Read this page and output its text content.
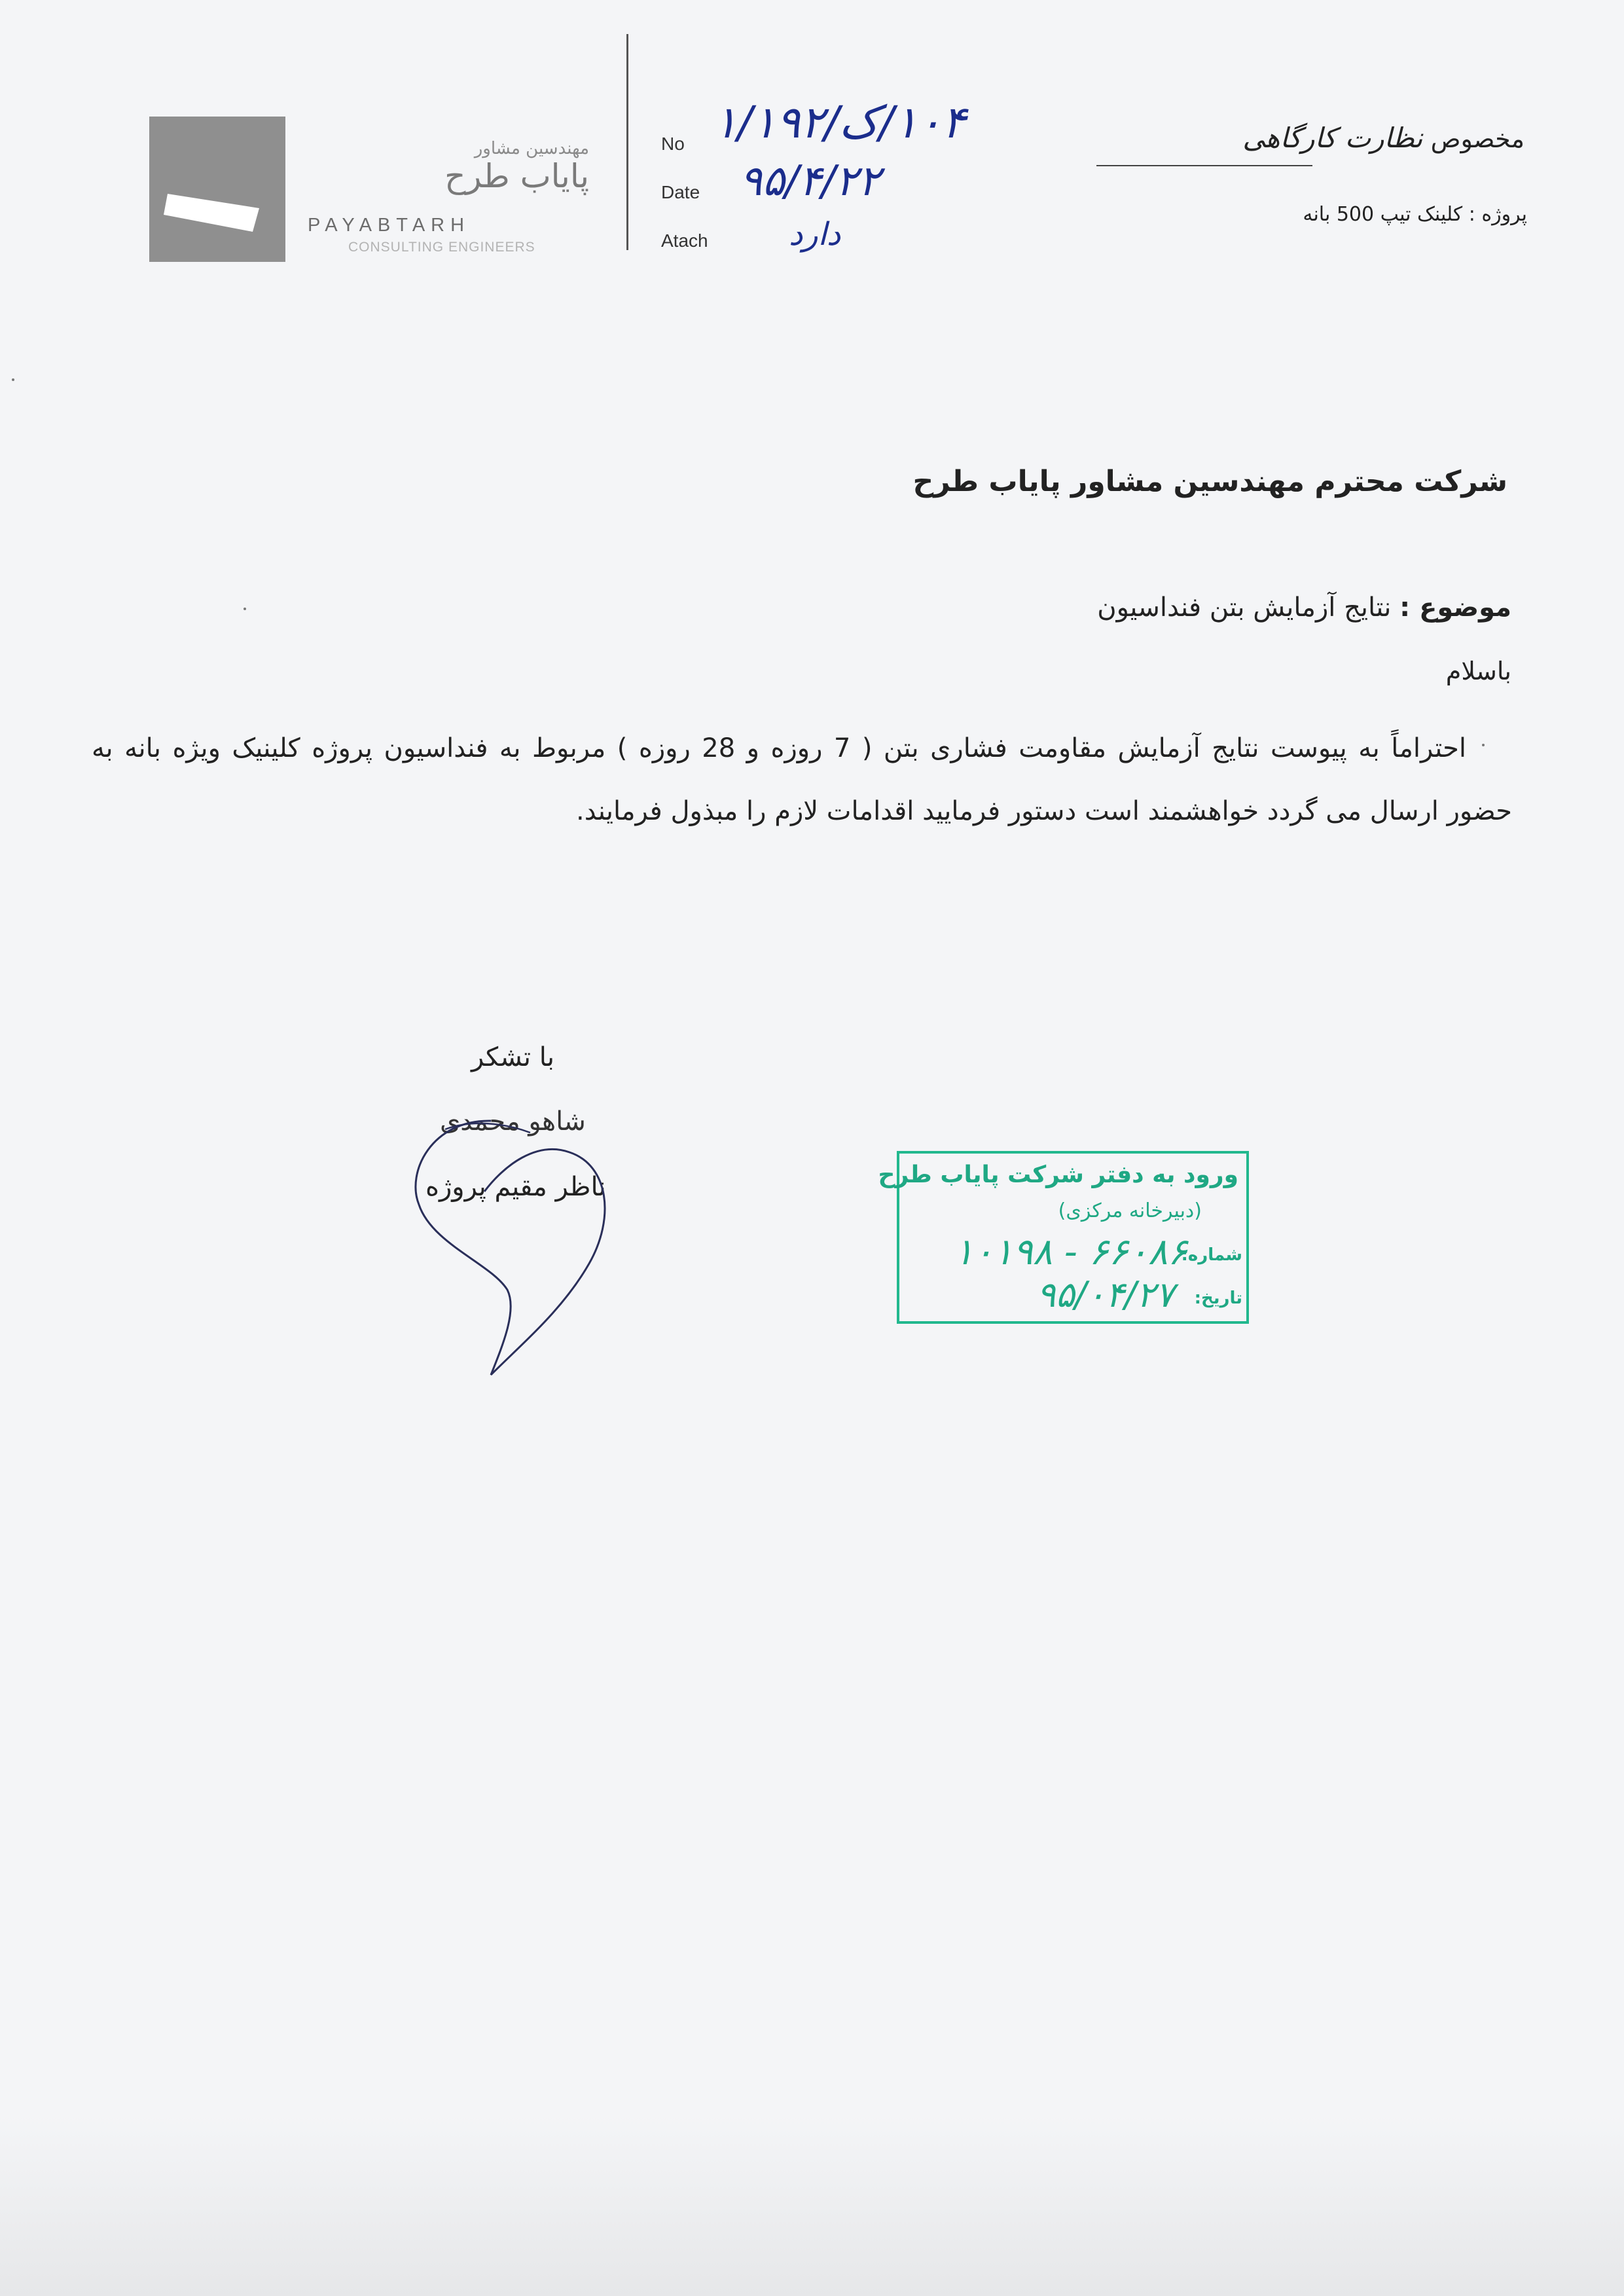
مهندسین مشاور
پایاب طرح
PAYABTARH
CONSULTING ENGINEERS
No ۱۰۴/ک/۱/۱۹۲
Date ۹۵/۴/۲۲
Atach	دارد
مخصوص نظارت کارگاهی
پروژه : کلینک تیپ 500 بانه
شرکت محترم مهندسین مشاور پایاب طرح
موضوع : نتایج آزمایش بتن فنداسیون
باسلام
احتراماً به پیوست نتایج آزمایش مقاومت فشاری بتن ( 7 روزه و 28 روزه ) مربوط به فنداسیون پروژه کلینیک ویژه بانه به حضور ارسال می گردد خواهشمند است دستور فرمایید اقدامات لازم را مبذول فرمایند.
با تشکر
شاهو محمدی
ناظر مقیم پروژه	ورود به دفتر شرکت پایاب طرح
(دبیرخانه مرکزی)
شماره:
۶۶۰۸۶ - ۱۰۱۹۸
تاریخ:
۹۵/۰۴/۲۷
